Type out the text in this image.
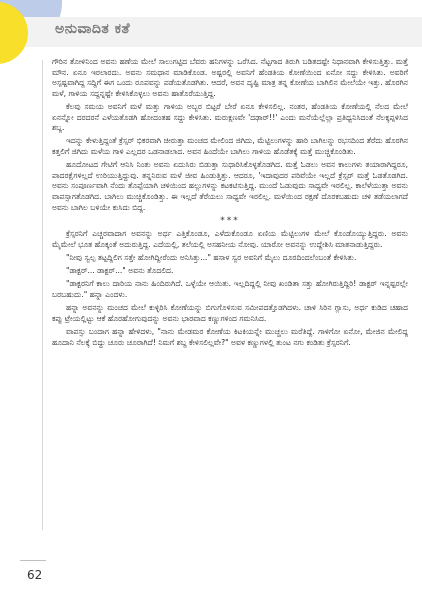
ಅನುವಾದಿತ ಕತೆ

ಗೌರಿನ ತೋಳಿನಿಂದ ಅವನು ಹಣೆಯ ಮೇಲೆ ಸಾಲುಗಟ್ಟಿದ ಬೆವರು ಹನಿಗಳನ್ನು ಒರೆಸಿದ. ನೆಟ್ಟಗಾದ ತಿರುಗಿ ಬಡಿತದಷ್ಟೇ ನಿಧಾನವಾಗಿ ಕೇಳಿಸುತ್ತಿತ್ತು. ಮತ್ತೆ ಮೌನ. ಏನೂ ಇರಲಾರದು. ಅವನು ಸಮಧಾನ ಮಾಡಿಕೊಂಡ. ಅಷ್ಟರಲ್ಲಿ ಅವನಿಗೆ ಹೆಂಡತಿಯ ಕೋಣೆಯಿಂದ ಏನೋ ಸದ್ದು ಕೇಳಿಸಿತು. ಅವರಿಗೆ ಅಸ್ಪಷ್ಟವಾಗಿದ್ದ ಸದ್ದಿಗೆ ಈಗ ಒಂದು ರೂಪವನ್ನು ಪಡೆಯತೊಡಗಿತು. ಆದರೆ, ಅವನ ದೃಷ್ಟಿ ಮಾತ್ರ ತನ್ನ ಕೋಣೆಯ ಬಾಗಿಲಿನ ಮೇಲೆಯೇ ಇತ್ತು. ಹೊರಗಿನ ಮಳೆ, ಗಾಳಿಯ ಸದ್ದನ್ನಷ್ಟೇ ಕೇಳಿಸಿಕೊಳ್ಳಲು ಅವನು ಹಾತೊರೆಯುತ್ತಿದ್ದ.

ಕೆಲವು ಸಮಯ ಅವನಿಗೆ ಮಳೆ ಮತ್ತು ಗಾಳಿಯ ಅಬ್ಬರ ಬಿಟ್ಟರೆ ಬೇರೆ ಏನೂ ಕೇಳಿಸಲಿಲ್ಲ. ನಂತರ, ಹೆಂಡತಿಯ ಕೋಣೆಯಲ್ಲಿ ನೆಲದ ಮೇಲೆ ಏನನ್ನೋ ದರದರನೆ ಎಳೆಯತೊಡಗಿ ಹೋದಂತಹ ಸದ್ದು ಕೇಳಿಸಿತು. ಮರುಕ್ಷಣವೇ 'ದಢಾರ್!!' ಎಂದು ಮನೆಯೆಲ್ಲೆಲ್ಲಾ ಪ್ರತಿಧ್ವನಿಸಿದಂತೆ ನೆಲಕ್ಕಪ್ಪಳಿಸಿದ ಶಬ್ದ.

ಇದನ್ನು ಕೇಳುತ್ತಿದ್ದಂತೆ ಕ್ರೆಸ್ಸರ್ ಭಿಕರವಾಗಿ ಚೀರುತ್ತಾ ಮಂಚದ ಮೇಲಿಂದ ಜಿಗಿದು, ಮೆಟ್ಟಿಲುಗಳನ್ನು ಹಾರಿ ಬಾಗಿಲನ್ನು ರಭಸದಿಂದ ತೆರೆದು ಹೊರಗಿನ ಕತ್ತಲಿಗೆ ಜಿಗಿದು ಮಳೆಯ ಗಾಳಿ ಎಲ್ಲದರ ಒಡನಾಡಲಾದ. ಅವನ ಹಿಂದೆಯೇ ಬಾಗಿಲು ಗಾಳಿಯ ಹೊಡೆತಕ್ಕೆ ಮತ್ತೆ ಮುಚ್ಚಿಕೊಂಡಿತು.

ಹೂದೋಟದ ಗೇಟಿಗೆ ಆನಿಸಿ ನಿಂತು ಅವನು ಏದುಸಿರು ಬಿಡುತ್ತಾ ಸುಧಾರಿಸಿಕೊಳ್ಳತೊಡಗಿದ. ಮತ್ತೆ ಓಡಲು ಅವನ ಕಾಲುಗಳು ತಯಾರಾಗಿದ್ದರೂ, ಪಾದರಕ್ಷೆಗಳಿಲ್ಲದೆ ಉರಿಯುತ್ತಿದ್ದುವು. ತನ್ನನಿರುವ ಮಳೆ ಜೀವ ಹಿಂಡುತ್ತಿತ್ತು. ಆದರೂ, 'ಇದಾವುದರ ಪರಿವೆಯೇ ಇಲ್ಲದೆ ಕ್ರೆಸ್ಸರ್ ಮತ್ತೆ ಓಡತೊಡಗಿದ. ಅವನು ಸಂಪೂರ್ಣವಾಗಿ ನೆಂದು ತೊಪ್ಪೆಯಾಗಿ ಚಳಿಯಿಂದ ಹಲ್ಲುಗಳನ್ನು ಕಟಕಟಿಸುತ್ತಿದ್ದ. ಮುಂದೆ ಓಡುವುದು ಸಾಧ್ಯವೇ ಇರಲಿಲ್ಲ. ಕಾಲೆಳೆಯುತ್ತಾ ಅವನು ವಾಪಸ್ಸಾಗತೊಡಗಿದ. ಬಾಗಿಲು ಮುಚ್ಚಿಕೊಂಡಿತ್ತು. ಈ ಇಲ್ಲದೆ ತೆರೆಯಲು ಸಾಧ್ಯವೇ ಇರಲಿಲ್ಲ. ಮಳೆಯಿಂದ ರಕ್ಷಣೆ ದೊರಕಬಹುದು ಚಳಿ ತಡೆಯಲಾಗದೆ ಅವನು ಬಾಗಿಲ ಬಳಿಯೇ ಕುಸಿದು ಬಿದ್ದ.

***

ಕ್ರೆಸ್ಸರನಿಗೆ ಎಚ್ಚರವಾದಾಗ ಅವನನ್ನು ಅರ್ಧ ಎತ್ತಿಕೊಂಡೂ, ಎಳೆದುಕೊಂಡೂ ಏಣಿಯ ಮೆಟ್ಟಿಲುಗಳ ಮೇಲೆ ಕೊಂಡೊಯ್ಯುತ್ತಿದ್ದರು. ಅವನು ಮೈಮೇಲೆ ಭೂತ ಹೊಕ್ಕಂತೆ ಅದುರುತ್ತಿದ್ದ. ಎದೆಯಲ್ಲಿ, ತಲೆಯಲ್ಲಿ ಅಸಹನೀಯ ನೋವು. ಯಾರೋ ಅವನನ್ನು ಉದ್ದೇಶಿಸಿ ಮಾತನಾಡುತ್ತಿದ್ದರು.

"ನೀವು ಸ್ವಲ್ಪ ತಟ್ಟದ್ದಿಲಿಗ ಸತ್ತೇ ಹೋಗಿದ್ದೀರೆಂದು ಅನಿಸಿತ್ತು..." ಹಸಾಳ ಸ್ವರ ಅವನಿಗೆ ಮೈಲು ದೂರದಿಂದಲೆಂಬಂತೆ ಕೇಳಿಸಿತು.

"ಡಾಕ್ಟರ್... ಡಾಕ್ಟರ್..." ಅವನು ತೊದಲಿದ.

"ಡಾಕ್ಟರನಿಗೆ ಕಾಲು ದಾರಿಯ ನಾನು ಹಿಂದಿರುಗಿದೆ. ಒಳ್ಳೆಯೇ ಆಯಿತು. ಇಲ್ಲದಿದ್ದಲ್ಲಿ ನೀವು ಖಂಡಿತಾ ಸತ್ತು ಹೋಗಿರುತ್ತಿದ್ದಿರಿ! ಡಾಕ್ಟರ್ ಇನ್ನಷ್ಟರಲ್ಲೇ ಬರಬಹುದು." ಹನ್ನಾ ಎಂದಳು.

ಹನ್ನಾ ಅವನನ್ನು ಮಂಚದ ಮೇಲೆ ಕುಳ್ಳಿರಿಸಿ ಕೋಣೆಯನ್ನು ಬಿಗುಗೊಳಿಸುವ ಸಮೀಪದತ್ತೊಡಗಿದಳು. ಚಾಳಿ ಸಿರಿನ ಗ್ಲಾಸು, ಅರ್ಧ ಕುಡಿದ ಚಹಾದ ಕಪ್ಪು ಟ್ರೇಯಲ್ಲಿಟ್ಟು ಆಕೆ ಹೊರಹೋಗುವುದನ್ನು ಅವನು ಭಾರವಾದ ಕಣ್ಣುಗಳಿಂದ ಗಮನಿಸಿದ.

ವಾಪಸ್ಸು ಬಂದಾಗ ಹನ್ನಾ ಹೇಳಿದಳು, "ನಾನು ಮೇಡಮರ ಕೋಣೆಯ ಕಿಟಕಿಯನ್ನೇ ಮುಚ್ಚಲು ಮರೆತಿದ್ದೆ. ಗಾಳಿಗೋ ಏನೋ, ಮೇಜಿನ ಮೇಲಿದ್ದ ಹೂದಾನಿ ನೆಲಕ್ಕೆ ಬಿದ್ದು ಚೂರು ಚೂರಾಗಿದೆ! ನಿಮಗೆ ಶಬ್ದ ಕೇಳಿಸಲಿಲ್ಲವೇ?" ಅವಳ ಕಣ್ಣುಗಳಲ್ಲಿ ತುಂಟ ನಗು ಕಂಡಿತು ಕ್ರೆಸ್ಸರನಿಗೆ.

62
